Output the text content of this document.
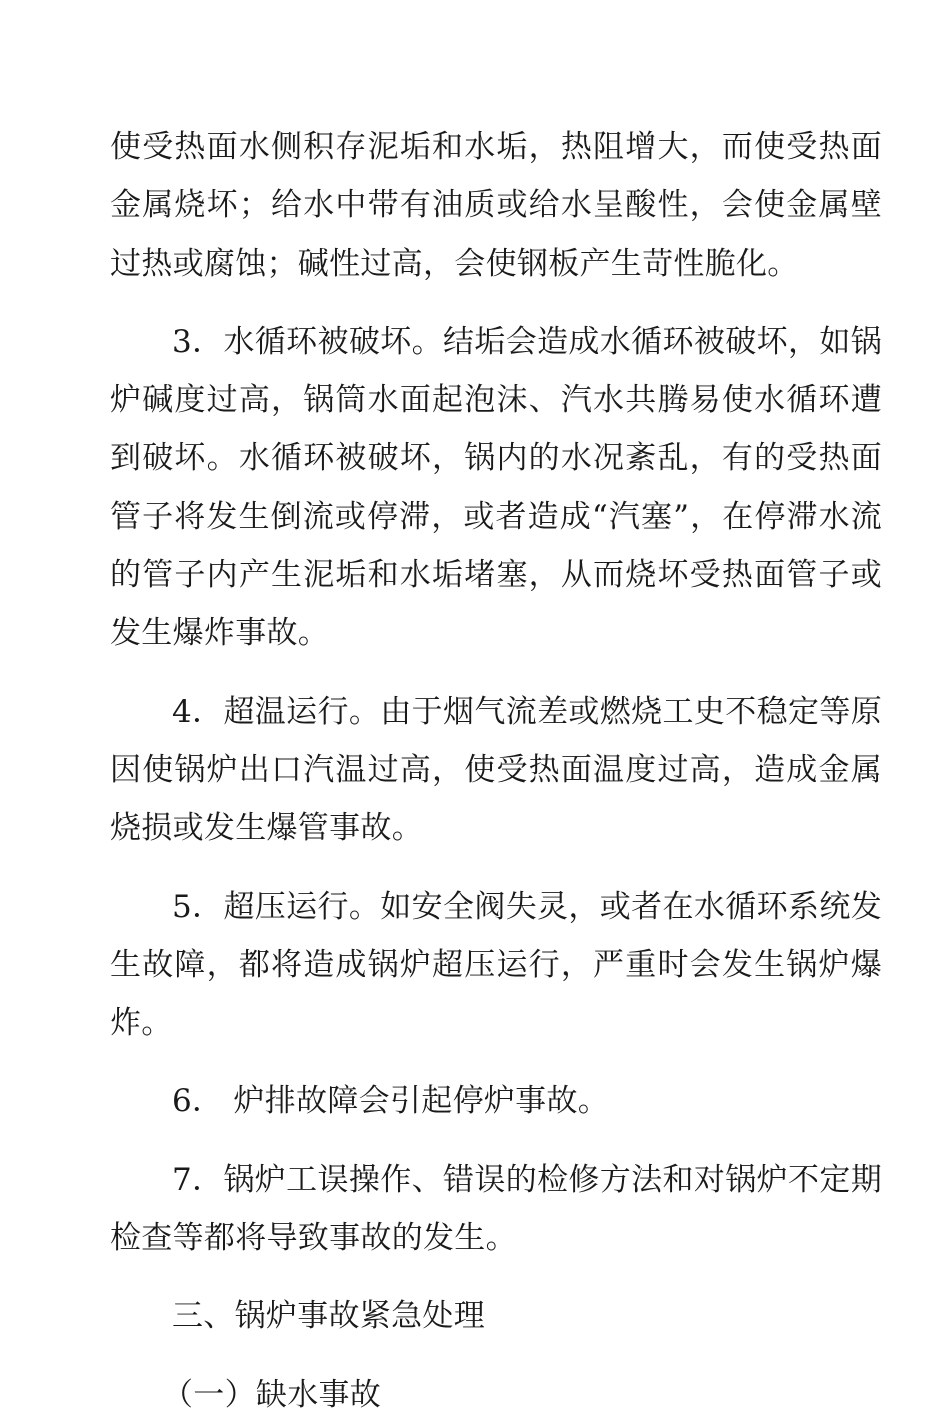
使受热面水侧积存泥垢和水垢，热阻增大，而使受热面金属烧坏；给水中带有油质或给水呈酸性，会使金属壁过热或腐蚀；碱性过高，会使钢板产生苛性脆化。

3．水循环被破坏。结垢会造成水循环被破坏，如锅炉碱度过高，锅筒水面起泡沫、汽水共腾易使水循环遭到破坏。水循环被破坏，锅内的水况紊乱，有的受热面管子将发生倒流或停滞，或者造成“汽塞”，在停滞水流的管子内产生泥垢和水垢堵塞，从而烧坏受热面管子或发生爆炸事故。

4．超温运行。由于烟气流差或燃烧工史不稳定等原因使锅炉出口汽温过高，使受热面温度过高，造成金属烧损或发生爆管事故。

5．超压运行。如安全阀失灵，或者在水循环系统发生故障，都将造成锅炉超压运行，严重时会发生锅炉爆炸。

6． 炉排故障会引起停炉事故。

7．锅炉工误操作、错误的检修方法和对锅炉不定期检查等都将导致事故的发生。

三、锅炉事故紧急处理

（一）缺水事故
